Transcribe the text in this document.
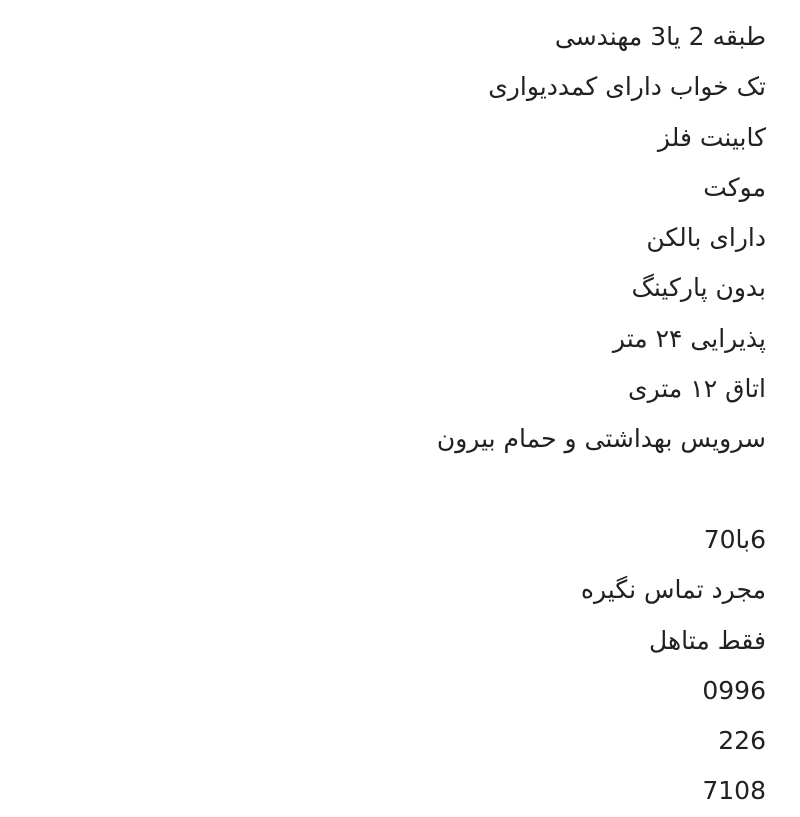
طبقه 2 یا3 مهندسی
تک خواب دارای کمددیواری
کابینت فلز
موکت
دارای بالکن
بدون پارکینگ
پذیرایی ۲۴ متر
اتاق ۱۲ متری
سرویس بهداشتی و حمام بیرون
6با70
مجرد تماس نگیره
فقط متاهل
0996
226
7108
